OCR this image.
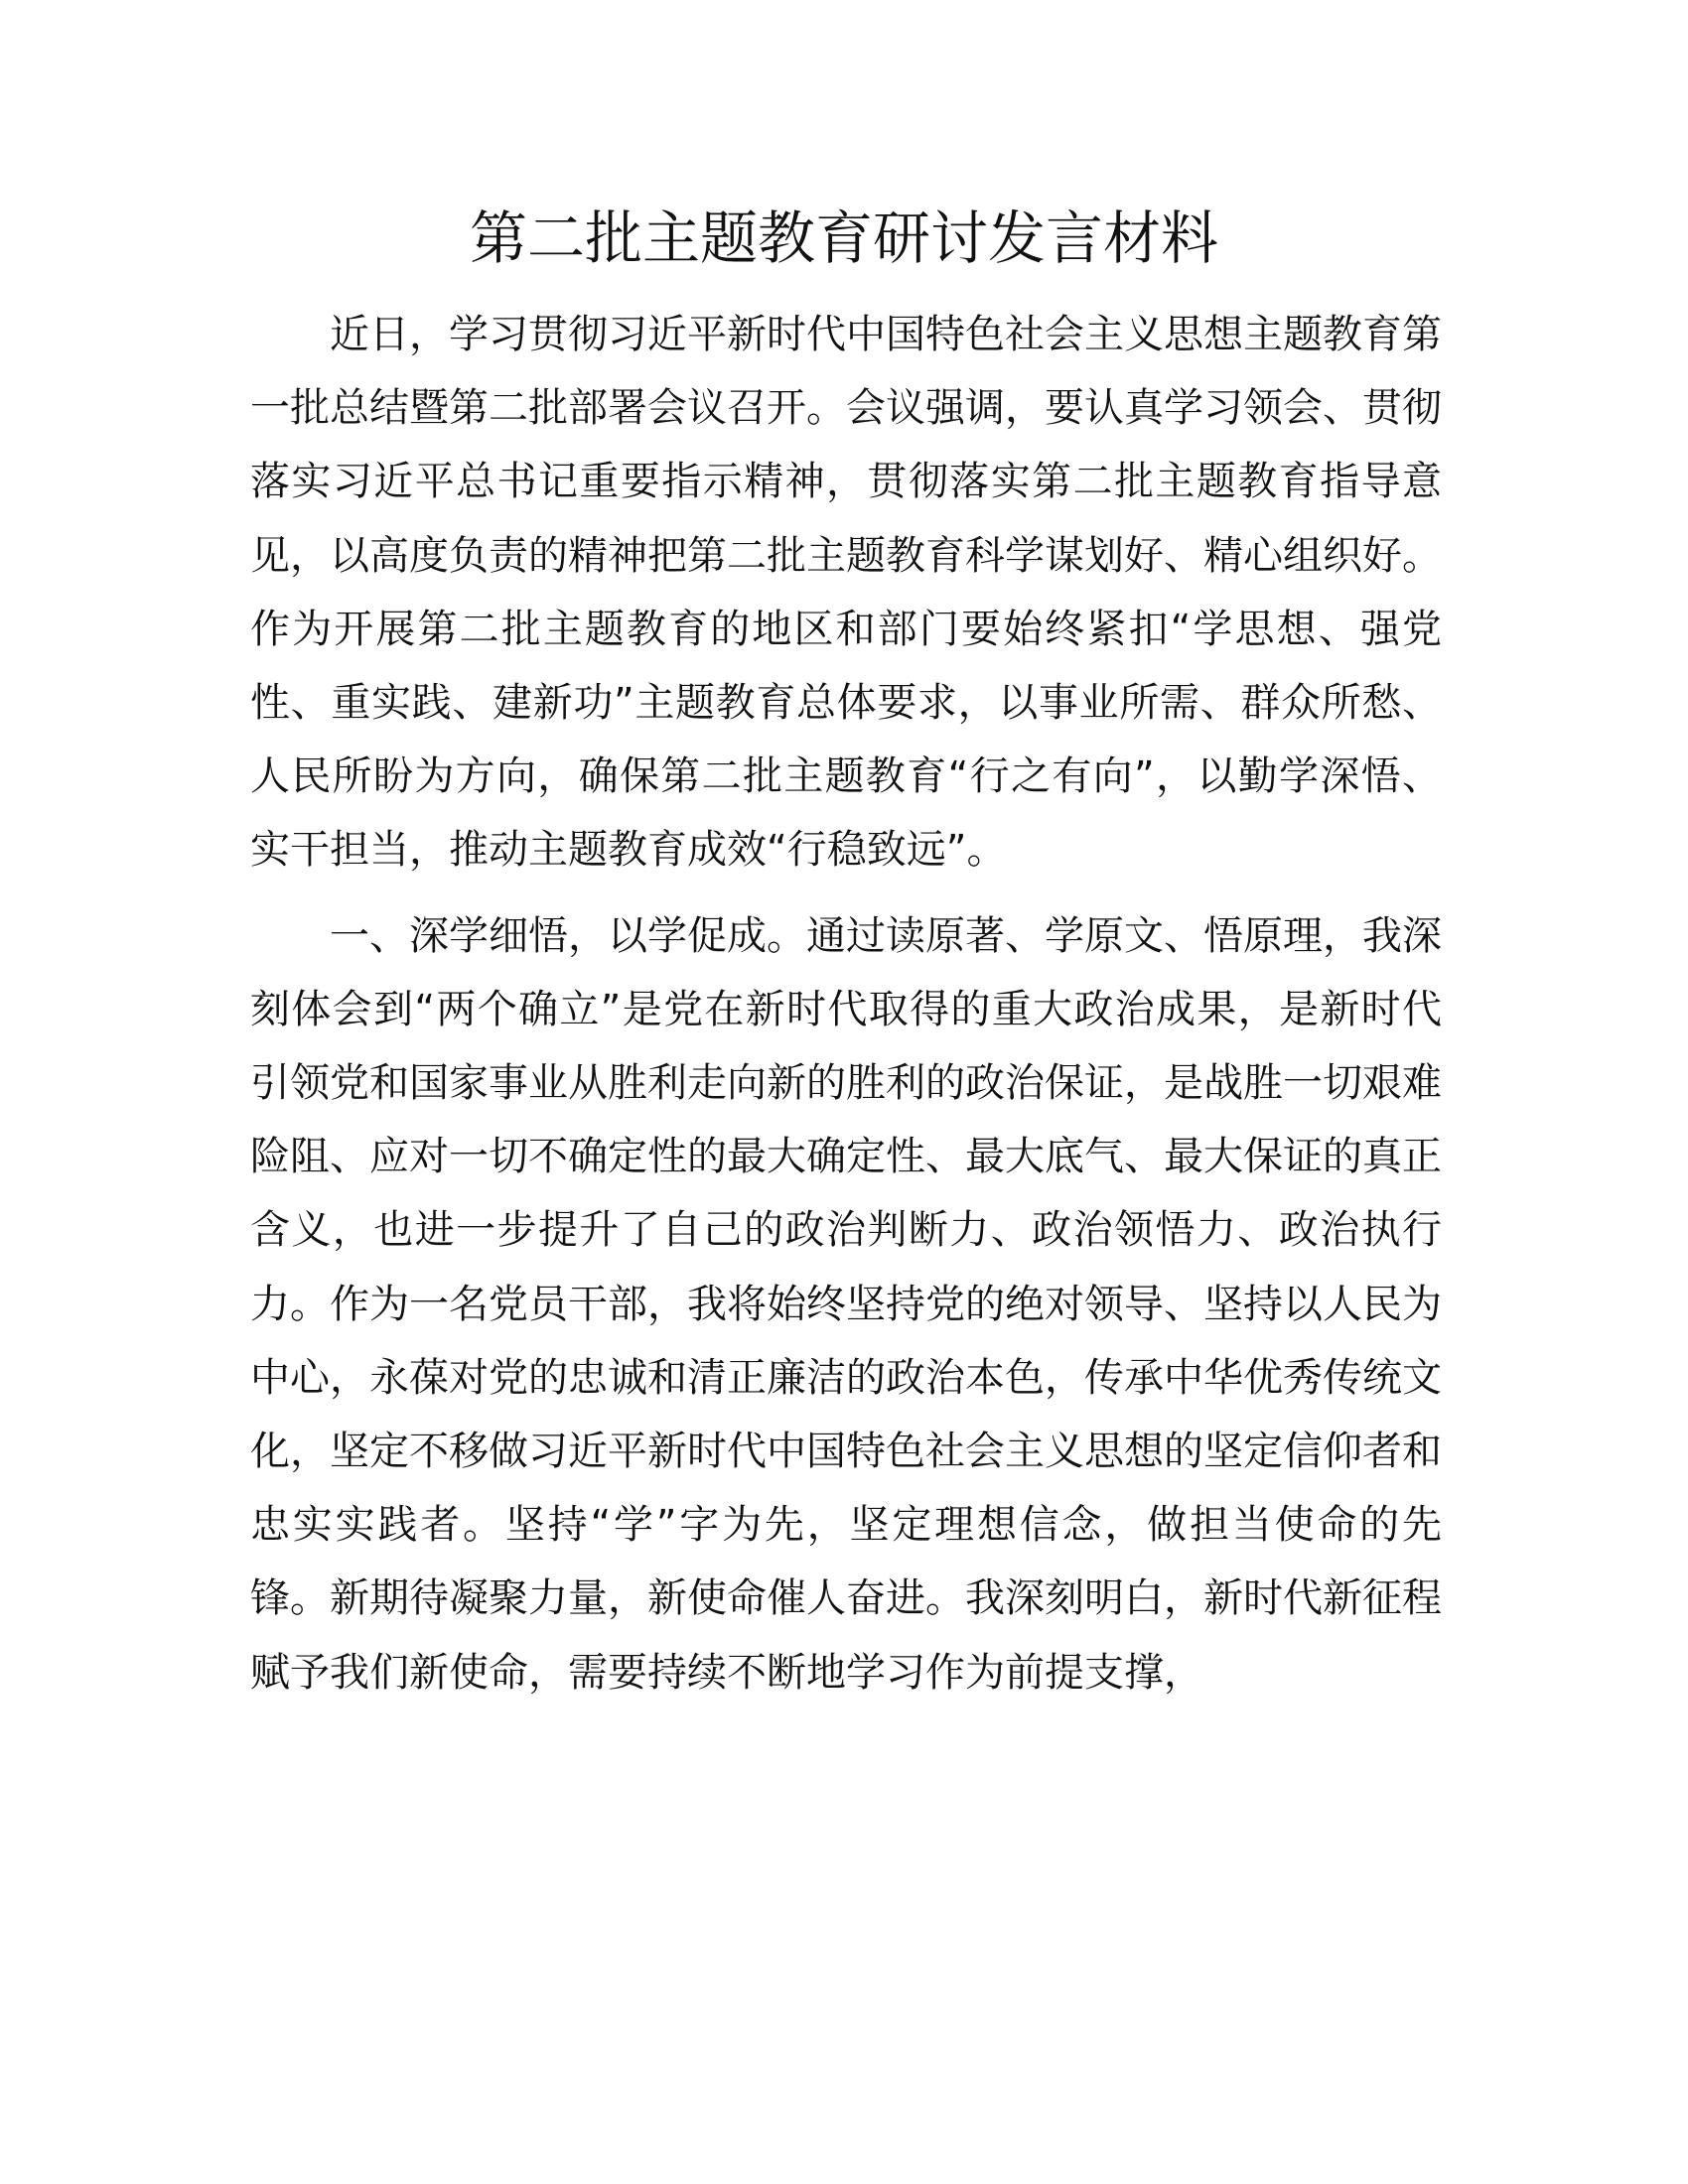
第二批主题教育研讨发言材料

近日，学习贯彻习近平新时代中国特色社会主义思想主题教育第一批总结暨第二批部署会议召开。会议强调，要认真学习领会、贯彻落实习近平总书记重要指示精神，贯彻落实第二批主题教育指导意见，以高度负责的精神把第二批主题教育科学谋划好、精心组织好。作为开展第二批主题教育的地区和部门要始终紧扣“学思想、强党性、重实践、建新功”主题教育总体要求，以事业所需、群众所愁、人民所盼为方向，确保第二批主题教育“行之有向”，以勤学深悟、实干担当，推动主题教育成效“行稳致远”。

一、深学细悟，以学促成。通过读原著、学原文、悟原理，我深刻体会到“两个确立”是党在新时代取得的重大政治成果，是新时代引领党和国家事业从胜利走向新的胜利的政治保证，是战胜一切艰难险阻、应对一切不确定性的最大确定性、最大底气、最大保证的真正含义，也进一步提升了自己的政治判断力、政治领悟力、政治执行力。作为一名党员干部，我将始终坚持党的绝对领导、坚持以人民为中心，永葆对党的忠诚和清正廉洁的政治本色，传承中华优秀传统文化，坚定不移做习近平新时代中国特色社会主义思想的坚定信仰者和忠实实践者。坚持“学”字为先，坚定理想信念，做担当使命的先锋。新期待凝聚力量，新使命催人奋进。我深刻明白，新时代新征程赋予我们新使命，需要持续不断地学习作为前提支撑，
